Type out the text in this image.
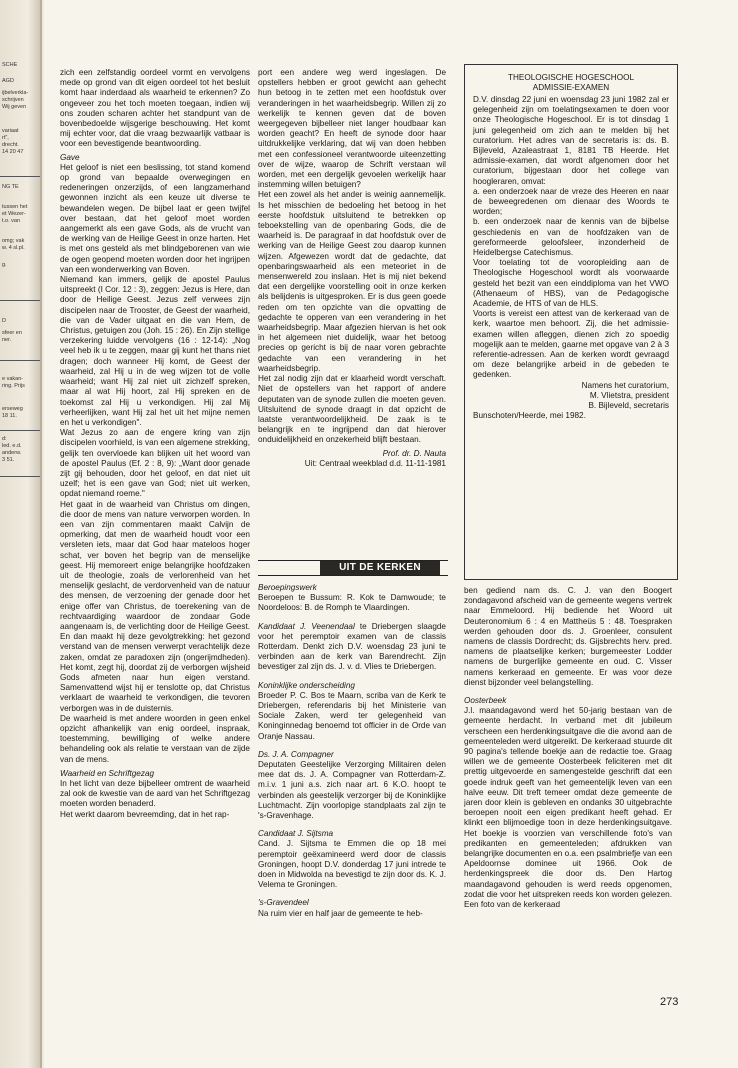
SCHE
AGD
ijbelverkla-
schrijven
Wij geven
variaat
rt",
drecht.
14 20 47
NG TE
tussen het
et Wezer-
t.o. van
omg; vak
w. 4 sl.pl.
g.
D
sfeer en
ner.
e vakan-
ring. Prijs
erseweg
18 11.
d:
led. e.d.
anderw.
3 51.

zich een zelfstandig oordeel vormt en vervolgens mede op grond van dit eigen oordeel tot het besluit komt haar inderdaad als waarheid te erkennen? Zo ongeveer zou het toch moeten toegaan, indien wij ons zouden scharen achter het standpunt van de bovenbedoelde wijsgerige beschouwing. Het komt mij echter voor, dat die vraag bezwaarlijk vatbaar is voor een bevestigende beantwoording.

Gave

Het geloof is niet een beslissing, tot stand komend op grond van bepaalde overwegingen en redeneringen onzerzijds, of een langzamerhand gewonnen inzicht als een keuze uit diverse te bewandelen wegen. De bijbel laat er geen twijfel over bestaan, dat het geloof moet worden aangemerkt als een gave Gods, als de vrucht van de werking van de Heilige Geest in onze harten. Het is met ons gesteld als met blindgeborenen van wie de ogen geopend moeten worden door het ingrijpen van een wonderwerking van Boven.

Niemand kan immers, gelijk de apostel Paulus uitspreekt (I Cor. 12 : 3), zeggen: Jezus is Here, dan door de Heilige Geest. Jezus zelf verwees zijn discipelen naar de Trooster, de Geest der waarheid, die van de Vader uitgaat en die van Hem, de Christus, getuigen zou (Joh. 15 : 26). En Zijn stellige verzekering luidde vervolgens (16 : 12-14): „Nog veel heb ik u te zeggen, maar gij kunt het thans niet dragen; doch wanneer Hij komt, de Geest der waarheid, zal Hij u in de weg wijzen tot de volle waarheid; want Hij zal niet uit zichzelf spreken, maar al wat Hij hoort, zal Hij spreken en de toekomst zal Hij u verkondigen. Hij zal Mij verheerlijken, want Hij zal het uit het mijne nemen en het u verkondigen".

Wat Jezus zo aan de engere kring van zijn discipelen voorhield, is van een algemene strekking, gelijk ten overvloede kan blijken uit het woord van de apostel Paulus (Ef. 2 : 8, 9): „Want door genade zijt gij behouden, door het geloof, en dat niet uit uzelf; het is een gave van God; niet uit werken, opdat niemand roeme."

Het gaat in de waarheid van Christus om dingen, die door de mens van nature verworpen worden. In een van zijn commentaren maakt Calvijn de opmerking, dat men de waarheid houdt voor een versleten iets, maar dat God haar mateloos hoger schat, ver boven het begrip van de menselijke geest. Hij memoreert enige belangrijke hoofdzaken uit de theologie, zoals de verlorenheid van het menselijk geslacht, de verdorvenheid van de natuur des mensen, de verzoening der genade door het enige offer van Christus, de toerekening van de rechtvaardiging waardoor de zondaar Gode aangenaam is, de verlichting door de Heilige Geest. En dan maakt hij deze gevolgtrekking: het gezond verstand van de mensen verwerpt verachtelijk deze zaken, omdat ze paradoxen zijn (ongerijmdheden). Het komt, zegt hij, doordat zij de verborgen wijsheid Gods afmeten naar hun eigen verstand. Samenvattend wijst hij er tenslotte op, dat Christus verklaart de waarheid te verkondigen, die tevoren verborgen was in de duisternis.

De waarheid is met andere woorden in geen enkel opzicht afhankelijk van enig oordeel, inspraak, toestemming, bewilliging of welke andere behandeling ook als relatie te verstaan van de zijde van de mens.

Waarheid en Schriftgezag

In het licht van deze bijbelleer omtrent de waarheid zal ook de kwestie van de aard van het Schriftgezag moeten worden benaderd.

Het werkt daarom bevreemding, dat in het rap-

port een andere weg werd ingeslagen. De opstellers hebben er groot gewicht aan gehecht hun betoog in te zetten met een hoofdstuk over veranderingen in het waarheidsbegrip. Willen zij zo werkelijk te kennen geven dat de boven weergegeven bijbelleer niet langer houdbaar kan worden geacht? En heeft de synode door haar uitdrukkelijke verklaring, dat wij van doen hebben met een confessioneel verantwoorde uiteenzetting over de wijze, waarop de Schrift verstaan wil worden, met een dergelijk gevoelen werkelijk haar instemming willen betuigen?

Het een zowel als het ander is weinig aannemelijk. Is het misschien de bedoeling het betoog in het eerste hoofdstuk uitsluitend te betrekken op teboekstelling van de openbaring Gods, die de waarheid is. De paragraaf in dat hoofdstuk over de werking van de Heilige Geest zou daarop kunnen wijzen. Afgewezen wordt dat de gedachte, dat openbaringswaarheid als een meteoriet in de mensenwereld zou inslaan. Het is mij niet bekend dat een dergelijke voorstelling ooit in onze kerken als belijdenis is uitgesproken. Er is dus geen goede reden om ten opzichte van die opvatting de gedachte te opperen van een verandering in het waarheidsbegrip. Maar afgezien hiervan is het ook in het algemeen niet duidelijk, waar het betoog precies op gericht is bij de naar voren gebrachte gedachte van een verandering in het waarheidsbegrip.

Het zal nodig zijn dat er klaarheid wordt verschaft. Niet de opstellers van het rapport of andere deputaten van de synode zullen die moeten geven. Uitsluitend de synode draagt in dat opzicht de laatste verantwoordelijkheid. De zaak is te belangrijk en te ingrijpend dan dat hierover onduidelijkheid en onzekerheid blijft bestaan.

Prof. dr. D. Nauta

Uit: Centraal weekblad d.d. 11-11-1981

UIT DE KERKEN

Beroepingswerk

Beroepen te Bussum: R. Kok te Damwoude; te Noordeloos: B. de Romph te Vlaardingen.

Kandidaat J. Veenendaal te Driebergen slaagde voor het peremptoir examen van de classis Rotterdam. Denkt zich D.V. woensdag 23 juni te verbinden aan de kerk van Barendrecht. Zijn bevestiger zal zijn ds. J. v. d. Vlies te Driebergen.

Koninklijke onderscheiding

Broeder P. C. Bos te Maarn, scriba van de Kerk te Driebergen, referendaris bij het Ministerie van Sociale Zaken, werd ter gelegenheid van Koninginnedag benoemd tot officier in de Orde van Oranje Nassau.

Ds. J. A. Compagner

Deputaten Geestelijke Verzorging Militairen delen mee dat ds. J. A. Compagner van Rotterdam-Z. m.i.v. 1 juni a.s. zich naar art. 6 K.O. hoopt te verbinden als geestelijk verzorger bij de Koninklijke Luchtmacht. Zijn voorlopige standplaats zal zijn te 's-Gravenhage.

Candidaat J. Sijtsma

Cand. J. Sijtsma te Emmen die op 18 mei peremptoir geëxamineerd werd door de classis Groningen, hoopt D.V. donderdag 17 juni intrede te doen in Midwolda na bevestigd te zijn door ds. K. J. Velema te Groningen.

's-Gravendeel

Na ruim vier en half jaar de gemeente te heb-

THEOLOGISCHE HOGESCHOOL ADMISSIE-EXAMEN

D.V. dinsdag 22 juni en woensdag 23 juni 1982 zal er gelegenheid zijn om toelatingsexamen te doen voor onze Theologische Hogeschool. Er is tot dinsdag 1 juni gelegenheid om zich aan te melden bij het curatorium. Het adres van de secretaris is: ds. B. Bijleveld, Azaleastraat 1, 8181 TB Heerde. Het admissie-examen, dat wordt afgenomen door het curatorium, bijgestaan door het college van hoogleraren, omvat:

a. een onderzoek naar de vreze des Heeren en naar de beweegredenen om dienaar des Woords te worden;

b. een onderzoek naar de kennis van de bijbelse geschiedenis en van de hoofdzaken van de gereformeerde geloofsleer, inzonderheid de Heidelbergse Catechismus.

Voor toelating tot de vooropleiding aan de Theologische Hogeschool wordt als voorwaarde gesteld het bezit van een einddiploma van het VWO (Athenaeum of HBS), van de Pedagogische Academie, de HTS of van de HLS.

Voorts is vereist een attest van de kerkeraad van de kerk, waartoe men behoort. Zij, die het admissie-examen willen afleggen, dienen zich zo spoedig mogelijk aan te melden, gaarne met opgave van 2 à 3 referentie-adressen. Aan de kerken wordt gevraagd om deze belangrijke arbeid in de gebeden te gedenken.

Namens het curatorium,

M. Vlietstra, president

B. Bijleveld, secretaris

Bunschoten/Heerde, mei 1982.

ben gediend nam ds. C. J. van den Boogert zondagavond afscheid van de gemeente wegens vertrek naar Emmeloord. Hij bediende het Woord uit Deuteronomium 6 : 4 en Mattheüs 5 : 48. Toespraken werden gehouden door ds. J. Groenleer, consulent namens de classis Dordrecht; ds. Gijsbrechts herv. pred. namens de plaatselijke kerken; burgemeester Lodder namens de burgerlijke gemeente en oud. C. Visser namens kerkeraad en gemeente. Er was voor deze dienst bijzonder veel belangstelling.

Oosterbeek

J.l. maandagavond werd het 50-jarig bestaan van de gemeente herdacht. In verband met dit jubileum verscheen een herdenkingsuitgave die die avond aan de gemeenteleden werd uitgereikt. De kerkeraad stuurde dit 90 pagina's tellende boekje aan de redactie toe. Graag willen we de gemeente Oosterbeek feliciteren met dit prettig uitgevoerde en samengestelde geschrift dat een goede indruk geeft van het gemeentelijk leven van een halve eeuw. Dit treft temeer omdat deze gemeente de jaren door klein is gebleven en ondanks 30 uitgebrachte beroepen nooit een eigen predikant heeft gehad. Er klinkt een blijmoedige toon in deze herdenkingsuitgave. Het boekje is voorzien van verschillende foto's van predikanten en gemeenteleden; afdrukken van belangrijke documenten en o.a. een psalmbriefje van een Apeldoornse dominee uit 1966. Ook de herdenkingspreek die door ds. Den Hartog maandagavond gehouden is werd reeds opgenomen, zodat die voor het uitspreken reeds kon worden gelezen. Een foto van de kerkeraad

273
